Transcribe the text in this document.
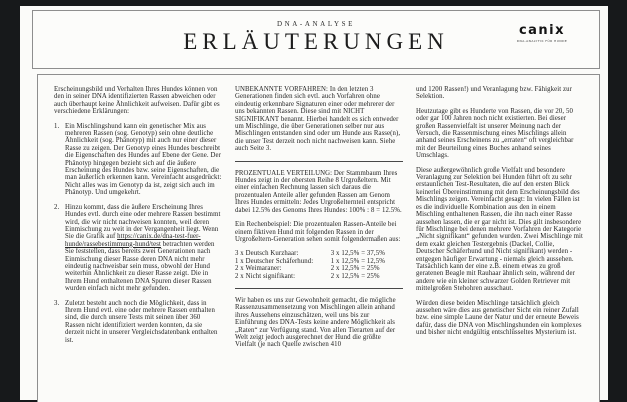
DNA-ANALYSE
ERLÄUTERUNGEN	canix
DNA-ANALYTIK FÜR HUNDE

Erscheinungsbild und Verhalten Ihres Hundes können von den in seiner DNA identifizierten Rassen abweichen oder auch überhaupt keine Ähnlichkeit aufweisen. Dafür gibt es verschiedene Erklärungen:

1. Ein Mischlingshund kann ein genetischer Mix aus mehreren Rassen (sog. Genotyp) sein ohne deutliche Ähnlichkeit (sog. Phänotyp) mit auch nur einer dieser Rasse zu zeigen. Der Genotyp eines Hundes beschreibt die Eigenschaften des Hundes auf Ebene der Gene. Der Phänotyp hingegen bezieht sich auf die äußere Erscheinung des Hundes bzw. seine Eigenschaften, die man äußerlich erkennen kann. Vereinfacht ausgedrückt: Nicht alles was im Genotyp da ist, zeigt sich auch im Phänotyp. Und umgekehrt.
2. Hinzu kommt, dass die äußere Erscheinung Ihres Hundes evtl. durch eine oder mehrere Rassen bestimmt wird, die wir nicht nachweisen konnten, weil deren Einmischung zu weit in der Vergangenheit liegt. Wenn Sie die Grafik auf https://canix.de/dna-test-fuer-hunde/rassebestimmung-hund/test betrachten werden Sie feststellen, dass bereits zwei Generationen nach Einmischung dieser Rasse deren DNA nicht mehr eindeutig nachweisbar sein muss, obwohl der Hund weiterhin Ähnlichkeit zu dieser Rasse zeigt. Die in Ihrem Hund enthaltenen DNA Spuren dieser Rassen wurden einfach nicht mehr gefunden.
3. Zuletzt besteht auch noch die Möglichkeit, dass in Ihrem Hund evtl. eine oder mehrere Rassen enthalten sind, die durch unsere Tests mit seinen über 360 Rassen nicht identifiziert werden konnten, da sie derzeit nicht in unserer Vergleichsdatenbank enthalten ist.

UNBEKANNTE VORFAHREN: In den letzten 3 Generationen finden sich evtl. auch Vorfahren ohne eindeutig erkennbare Signaturen einer oder mehrerer der uns bekannten Rassen. Diese sind mit NICHT SIGNIFIKANT benannt. Hierbei handelt es sich entweder um Mischlinge, die über Generationen selber nur aus Mischlingen entstanden sind oder um Hunde aus Rasse(n), die unser Test derzeit noch nicht nachweisen kann. Siehe auch Seite 3.

PROZENTUALE VERTEILUNG: Der Stammbaum Ihres Hundes zeigt in der obersten Reihe 8 Urgroßeltern. Mit einer einfachen Rechnung lassen sich daraus die prozentualen Anteile aller gefunden Rassen am Genom Ihres Hundes ermitteln: Jedes Urgroßelternteil entspricht dabei 12.5% des Genoms Ihres Hundes: 100% : 8 = 12.5%.

Ein Rechenbeispiel: Die prozentualen Rassen-Anteile bei einem fiktiven Hund mit folgenden Rassen in der Urgroßeltern-Generation sehen somit folgendermaßen aus:

3 x Deutsch Kurzhaar:	3 x 12,5% = 37,5%
1 x Deutscher Schäferhund:	1 x 12,5% = 12,5%
2 x Weimaraner:	2 x 12,5% = 25%
2 x Nicht signifikant:	2 x 12,5% = 25%

Wir haben es uns zur Gewohnheit gemacht, die mögliche Rassenzusammensetzung von Mischlingen allein anhand ihres Aussehens einzuschätzen, weil uns bis zur Einführung des DNA-Tests keine andere Möglichkeit als „Raten“ zur Verfügung stand. Von allen Tierarten auf der Welt zeigt jedoch ausgerechnet der Hund die größte Vielfalt (je nach Quelle zwischen 410

und 1200 Rassen!) und Veranlagung bzw. Fähigkeit zur Selektion.

Heutzutage gibt es Hunderte von Rassen, die vor 20, 50 oder gar 100 Jahren noch nicht existierten. Bei dieser großen Rassenvielfalt ist unserer Meinung nach der Versuch, die Rassenmischung eines Mischlings allein anhand seines Erscheinens zu „erraten“ oft vergleichbar mit der Beurteilung eines Buches anhand seines Umschlags.

Diese außergewöhnlich große Vielfalt und besondere Veranlagung zur Selektion bei Hunden führt oft zu sehr erstaunlichen Test-Resultaten, die auf den ersten Blick keinerlei Übereinstimmung mit dem Erscheinungsbild des Mischlings zeigen. Vereinfacht gesagt: In vielen Fällen ist es die individuelle Kombination aus den in einem Mischling enthaltenen Rassen, die ihn nach einer Rasse aussehen lassen, die er gar nicht ist. Dies gilt insbesondere für Mischlinge bei denen mehrere Vorfahren der Kategorie „Nicht signifikant“ gefunden wurden. Zwei Mischlinge mit dem exakt gleichen Testergebnis (Dackel, Collie, Deutscher Schäferhund und Nicht signifikant) werden - entgegen häufiger Erwartung - niemals gleich aussehen. Tatsächlich kann der eine z.B. einem etwas zu groß geratenen Beagle mit Rauhaar ähnlich sein, während der andere wie ein kleiner schwarzer Golden Retriever mit mittelgroßen Stehohren ausschaut.

Würden diese beiden Mischlinge tatsächlich gleich aussehen wäre dies aus genetischer Sicht ein reiner Zufall bzw. eine simple Laune der Natur und der erneute Beweis dafür, dass die DNA von Mischlingshunden ein komplexes und bisher nicht endgültig entschlüsseltes Mysterium ist.
